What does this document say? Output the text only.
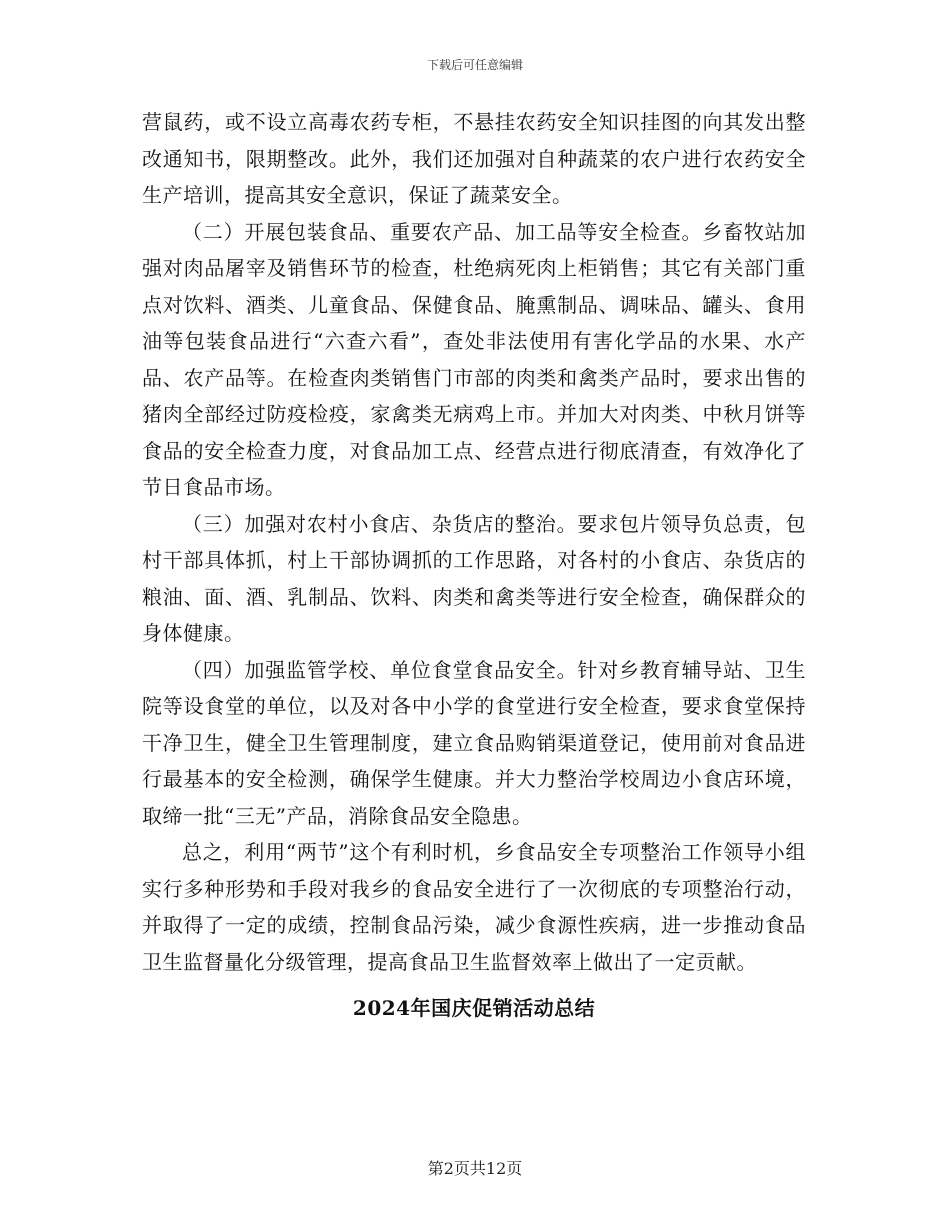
下载后可任意编辑

营鼠药，或不设立高毒农药专柜，不悬挂农药安全知识挂图的向其发出整改通知书，限期整改。此外，我们还加强对自种蔬菜的农户进行农药安全生产培训，提高其安全意识，保证了蔬菜安全。

（二）开展包装食品、重要农产品、加工品等安全检查。乡畜牧站加强对肉品屠宰及销售环节的检查，杜绝病死肉上柜销售；其它有关部门重点对饮料、酒类、儿童食品、保健食品、腌熏制品、调味品、罐头、食用油等包装食品进行“六查六看”，查处非法使用有害化学品的水果、水产品、农产品等。在检查肉类销售门市部的肉类和禽类产品时，要求出售的猪肉全部经过防疫检疫，家禽类无病鸡上市。并加大对肉类、中秋月饼等食品的安全检查力度，对食品加工点、经营点进行彻底清查，有效净化了节日食品市场。

（三）加强对农村小食店、杂货店的整治。要求包片领导负总责，包村干部具体抓，村上干部协调抓的工作思路，对各村的小食店、杂货店的粮油、面、酒、乳制品、饮料、肉类和禽类等进行安全检查，确保群众的身体健康。

（四）加强监管学校、单位食堂食品安全。针对乡教育辅导站、卫生院等设食堂的单位，以及对各中小学的食堂进行安全检查，要求食堂保持干净卫生，健全卫生管理制度，建立食品购销渠道登记，使用前对食品进行最基本的安全检测，确保学生健康。并大力整治学校周边小食店环境，取缔一批“三无”产品，消除食品安全隐患。

总之，利用“两节”这个有利时机，乡食品安全专项整治工作领导小组实行多种形势和手段对我乡的食品安全进行了一次彻底的专项整治行动，并取得了一定的成绩，控制食品污染，减少食源性疾病，进一步推动食品卫生监督量化分级管理，提高食品卫生监督效率上做出了一定贡献。

2024年国庆促销活动总结
第2页共12页
